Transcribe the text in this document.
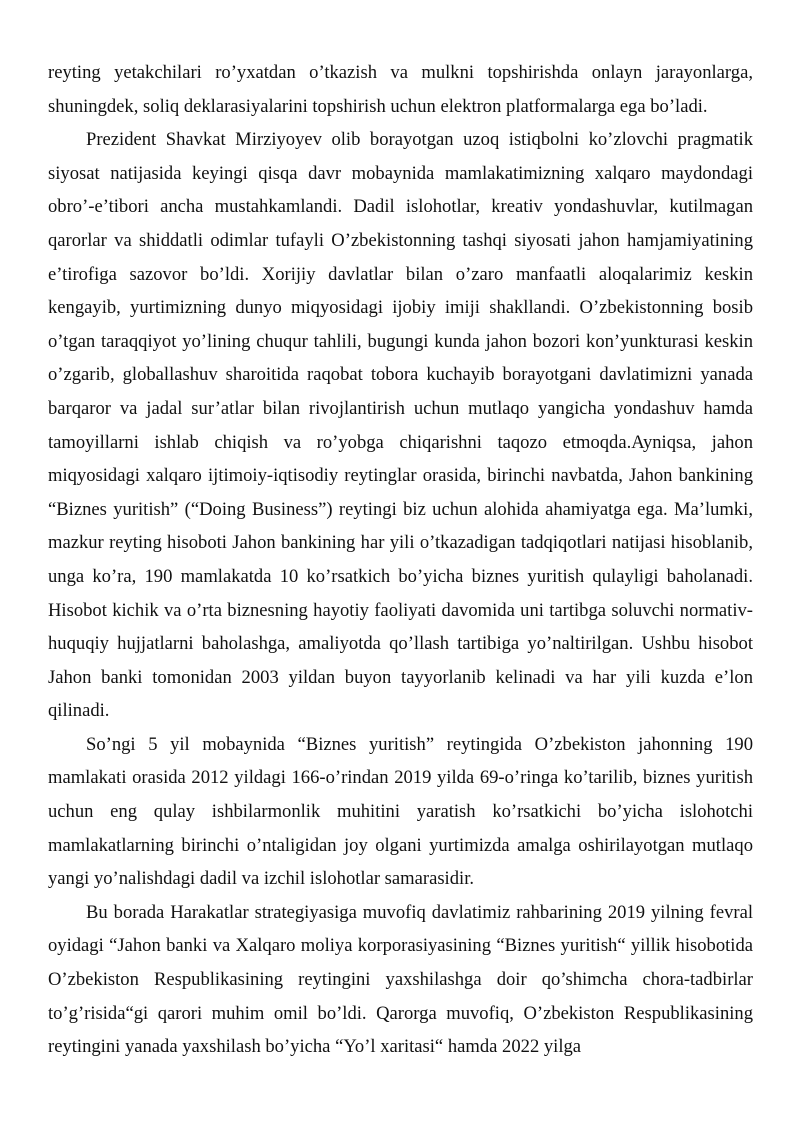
reyting yetakchilari ro’yxatdan o’tkazish va mulkni topshirishda onlayn jarayonlarga, shuningdek, soliq deklarasiyalarini topshirish uchun elektron platformalarga ega bo’ladi.

Prezident Shavkat Mirziyoyev olib borayotgan uzoq istiqbolni ko’zlovchi pragmatik siyosat natijasida keyingi qisqa davr mobaynida mamlakatimizning xalqaro maydondagi obro’-e’tibori ancha mustahkamlandi. Dadil islohotlar, kreativ yondashuvlar, kutilmagan qarorlar va shiddatli odimlar tufayli O’zbekistonning tashqi siyosati jahon hamjamiyatining e’tirofiga sazovor bo’ldi. Xorijiy davlatlar bilan o’zaro manfaatli aloqalarimiz keskin kengayib, yurtimizning dunyo miqyosidagi ijobiy imiji shakllandi. O’zbekistonning bosib o’tgan taraqqiyot yo’lining chuqur tahlili, bugungi kunda jahon bozori kon’yunkturasi keskin o’zgarib, globallashuv sharoitida raqobat tobora kuchayib borayotgani davlatimizni yanada barqaror va jadal sur’atlar bilan rivojlantirish uchun mutlaqo yangicha yondashuv hamda tamoyillarni ishlab chiqish va ro’yobga chiqarishni taqozo etmoqda.Ayniqsa, jahon miqyosidagi xalqaro ijtimoiy-iqtisodiy reytinglar orasida, birinchi navbatda, Jahon bankining “Biznes yuritish” (“Doing Business”) reytingi biz uchun alohida ahamiyatga ega. Ma’lumki, mazkur reyting hisoboti Jahon bankining har yili o’tkazadigan tadqiqotlari natijasi hisoblanib, unga ko’ra, 190 mamlakatda 10 ko’rsatkich bo’yicha biznes yuritish qulayligi baholanadi. Hisobot kichik va o’rta biznesning hayotiy faoliyati davomida uni tartibga soluvchi normativ-huquqiy hujjatlarni baholashga, amaliyotda qo’llash tartibiga yo’naltirilgan. Ushbu hisobot Jahon banki tomonidan 2003 yildan buyon tayyorlanib kelinadi va har yili kuzda e’lon qilinadi.

So’ngi 5 yil mobaynida “Biznes yuritish” reytingida O’zbekiston jahonning 190 mamlakati orasida 2012 yildagi 166-o’rindan 2019 yilda 69-o’ringa ko’tarilib, biznes yuritish uchun eng qulay ishbilarmonlik muhitini yaratish ko’rsatkichi bo’yicha islohotchi mamlakatlarning birinchi o’ntaligidan joy olgani yurtimizda amalga oshirilayotgan mutlaqo yangi yo’nalishdagi dadil va izchil islohotlar samarasidir.

Bu borada Harakatlar strategiyasiga muvofiq davlatimiz rahbarining 2019 yilning fevral oyidagi “Jahon banki va Xalqaro moliya korporasiyasining “Biznes yuritish“ yillik hisobotida O’zbekiston Respublikasining reytingini yaxshilashga doir qo’shimcha chora-tadbirlar to’g’risida“gi qarori muhim omil bo’ldi. Qarorga muvofiq, O’zbekiston Respublikasining reytingini yanada yaxshilash bo’yicha “Yo’l xaritasi“ hamda 2022 yilga
